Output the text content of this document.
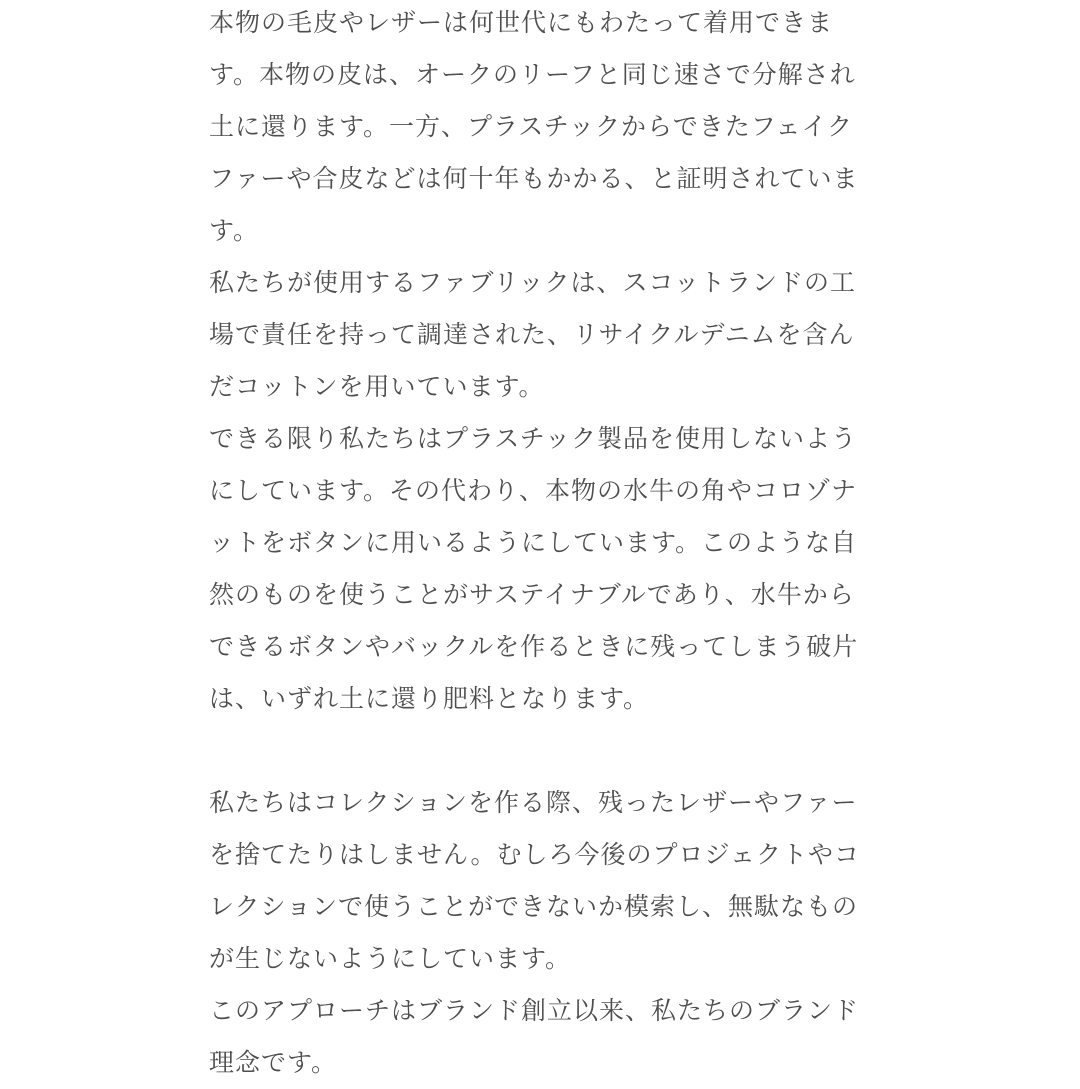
本物の毛皮やレザーは何世代にもわたって着用できま
す。本物の皮は、オークのリーフと同じ速さで分解され
土に還ります。一方、プラスチックからできたフェイク
ファーや合皮などは何十年もかかる、と証明されていま
す。
私たちが使用するファブリックは、スコットランドの工
場で責任を持って調達された、リサイクルデニムを含ん
だコットンを用いています。
できる限り私たちはプラスチック製品を使用しないよう
にしています。その代わり、本物の水牛の角やコロゾナ
ットをボタンに用いるようにしています。このような自
然のものを使うことがサステイナブルであり、水牛から
できるボタンやバックルを作るときに残ってしまう破片
は、いずれ土に還り肥料となります。
私たちはコレクションを作る際、残ったレザーやファー
を捨てたりはしません。むしろ今後のプロジェクトやコ
レクションで使うことができないか模索し、無駄なもの
が生じないようにしています。
このアプローチはブランド創立以来、私たちのブランド
理念です。
